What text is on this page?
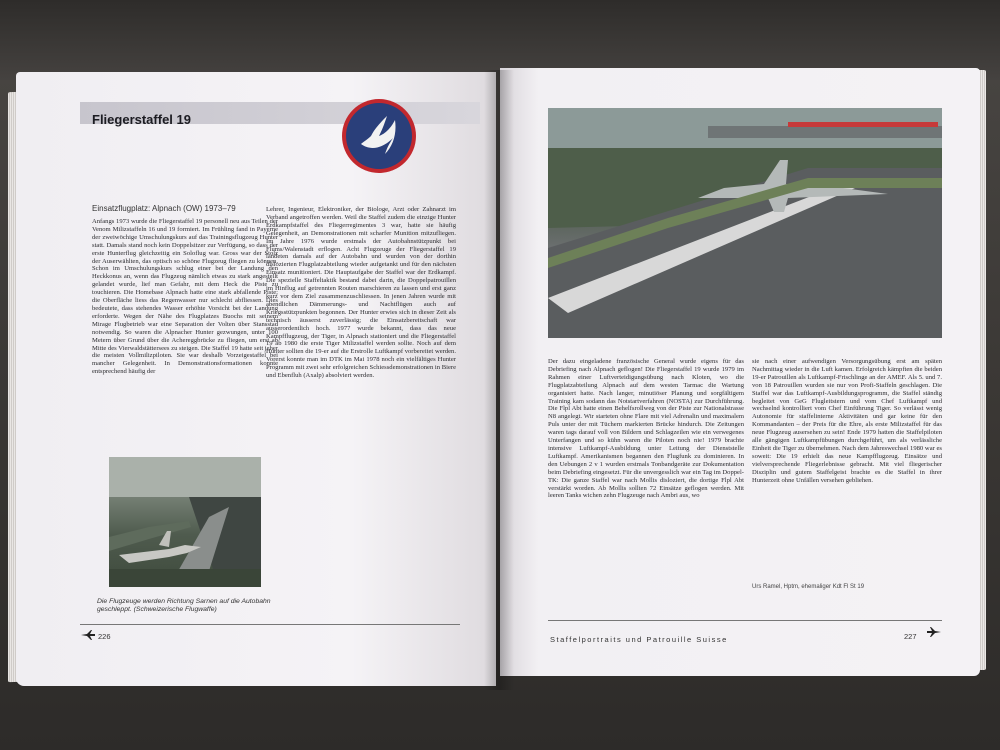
Fliegerstaffel 19
Einsatzflugplatz: Alpnach (OW) 1973–79

Anfangs 1973 wurde die Fliegerstaffel 19 personell neu aus Teilen der Venom Milizstaffeln 16 und 19 formiert. Im Frühling fand in Payerne der zweiwöchige Umschulungskurs auf das Trainingsflugzeug Hunter statt. Damals stand noch kein Doppelsitzer zur Verfügung, so dass der erste Hunterflug gleichzeitig ein Soloflug war. Gross war der Stolz der Auserwählten, das optisch so schöne Flugzeug fliegen zu können. Schon im Umschulungskurs schlug einer bei der Landung den Heckkonus an, wenn das Flugzeug nämlich etwas zu stark angestellt gelandet wurde, lief man Gefahr, mit dem Heck die Piste zu touchieren. Die Homebase Alpnach hatte eine stark abfallende Piste; die Oberfläche liess das Regenwasser nur schlecht abfliessen. Dies bedeutete, dass stehendes Wasser erhöhte Vorsicht bei der Landung erforderte. Wegen der Nähe des Flugplatzes Buochs mit seinem Mirage Flugbetrieb war eine Separation der Volten über Stansstad notwendig. So waren die Alpnacher Hunter gezwungen, unter 100 Metern über Grund über die Achereggbrücke zu fliegen, um erst ab Mitte des Vierwaldstättersees zu steigen. Die Staffel 19 hatte seit jeher die meisten Vollmilizpiloten. Sie war deshalb Vorzeigestaffel bei mancher Gelegenheit. In Demonstrationsformationen konnte entsprechend häufig der

Lehrer, Ingenieur, Elektroniker, der Biologe, Arzt oder Zahnarzt im Verband angetroffen werden. Weil die Staffel zudem die einzige Hunter Erdkampfstaffel des Fliegerregimentes 3 war, hatte sie häufig Gelegenheit, an Demonstrationen mit scharfer Munition mitzufliegen. Im Jahre 1976 wurde erstmals der Autobahnstützpunkt bei Flums/Walenstadt erflogen. Acht Flugzeuge der Fliegerstaffel 19 landeten damals auf der Autobahn und wurden von der dorthin dislozierten Flugplatzabteilung wieder aufgetankt und für den nächsten Einsatz munitioniert. Die Hauptaufgabe der Staffel war der Erdkampf. Die spezielle Staffeltaktik bestand dabei darin, die Doppelpatrouillen im Hinflug auf getrennten Routen marschieren zu lassen und erst ganz kurz vor dem Ziel zusammenzuschliessen. In jenen Jahren wurde mit abendlichen Dämmerungs- und Nachtflügen auch auf Kriegsstützpunkten begonnen. Der Hunter erwies sich in dieser Zeit als technisch äusserst zuverlässig; die Einsatzbereitschaft war ausserordentlich hoch. 1977 wurde bekannt, dass das neue Kampfflugzeug, der Tiger, in Alpnach stationiert und die Fliegerstaffel 19 ab 1980 die erste Tiger Milizstaffel werden sollte. Noch auf dem Hunter sollten die 19-er auf die Erstrolle Luftkampf vorbereitet werden. Vorerst konnte man im DTK im Mai 1978 noch ein vielfältiges Hunter Programm mit zwei sehr erfolgreichen Schiessdemonstrationen in Biere und Ebenfluh (Axalp) absolviert werden.

Die Flugzeuge werden Richtung Sarnen auf die Autobahn geschleppt. (Schweizerische Flugwaffe)
226

Der dazu eingeladene französische General wurde eigens für das Debriefing nach Alpnach geflogen! Die Fliegerstaffel 19 wurde 1979 im Rahmen einer Luftverteidigungsübung nach Kloten, wo die Flugplatzabteilung Alpnach auf dem westen Tarmac die Wartung organisiert hatte. Nach langer, minutiöser Planung und sorgfältigem Training kam sodann das Notstartverfahren (NOSTA) zur Durchführung. Die Flpl Abt hatte einen Behelfsrollweg von der Piste zur Nationalstrasse N8 angelegt. Wir starteten ohne Flare mit viel Adrenalin und maximalem Puls unter der mit Tüchern markierten Brücke hindurch. Die Zeitungen waren tags darauf voll von Bildern und Schlagzeilen wie ein verwegenes Unterfangen und so kühn waren die Piloten noch nie! 1979 brachte intensive Luftkampf-Ausbildung unter Leitung der Dienststelle Luftkampf. Amerikanismen begannen den Flugfunk zu dominieren. In den Uebungen 2 v 1 wurden erstmals Tonbandgeräte zur Dokumentation beim Debriefing eingesetzt. Für die unvergesslich war ein Tag im Doppel-TK: Die ganze Staffel war nach Mollis disloziert, die dortige Flpl Abt verstärkt worden. Ab Mollis sollten 72 Einsätze geflogen werden. Mit leeren Tanks wichen zehn Flugzeuge nach Ambri aus, wo

sie nach einer aufwendigen Versorgungsübung erst am späten Nachmittag wieder in die Luft kamen. Erfolgreich kämpften die beiden 19-er Patrouillen als Luftkampf-Frischlinge an der AMEF. Als 5. und 7. von 18 Patrouillen wurden sie nur von Profi-Staffeln geschlagen. Die Staffel war das Luftkampf-Ausbildungsprogramm, die Staffel ständig begleitet von GeG Flugleitstern und vom Chef Luftkampf und wechselnd kontrolliert vom Chef Einführung Tiger. So verlässt wenig Autonomie für staffelinterne Aktivitäten und gar keine für den Kommandanten – der Preis für die Ehre, als erste Milizstaffel für das neue Flugzeug ausersehen zu sein! Ende 1979 hatten die Staffelpiloten alle gängigen Luftkampfübungen durchgeführt, um als verlässliche Einheit die Tiger zu übernehmen. Nach dem Jahreswechsel 1980 war es soweit: Die 19 erhielt das neue Kampfflugzeug. Einsätze und vielversprechende Fliegerlebnisse gebracht. Mit viel fliegerischer Disziplin und gutem Staffelgeist brachte es die Staffel in ihrer Hunterzeit ohne Unfällen versehen gebliehen.

Urs Ramel, Hptm, ehemaliger Kdt Fl St 19
Staffelportraits und Patrouille Suisse	227
